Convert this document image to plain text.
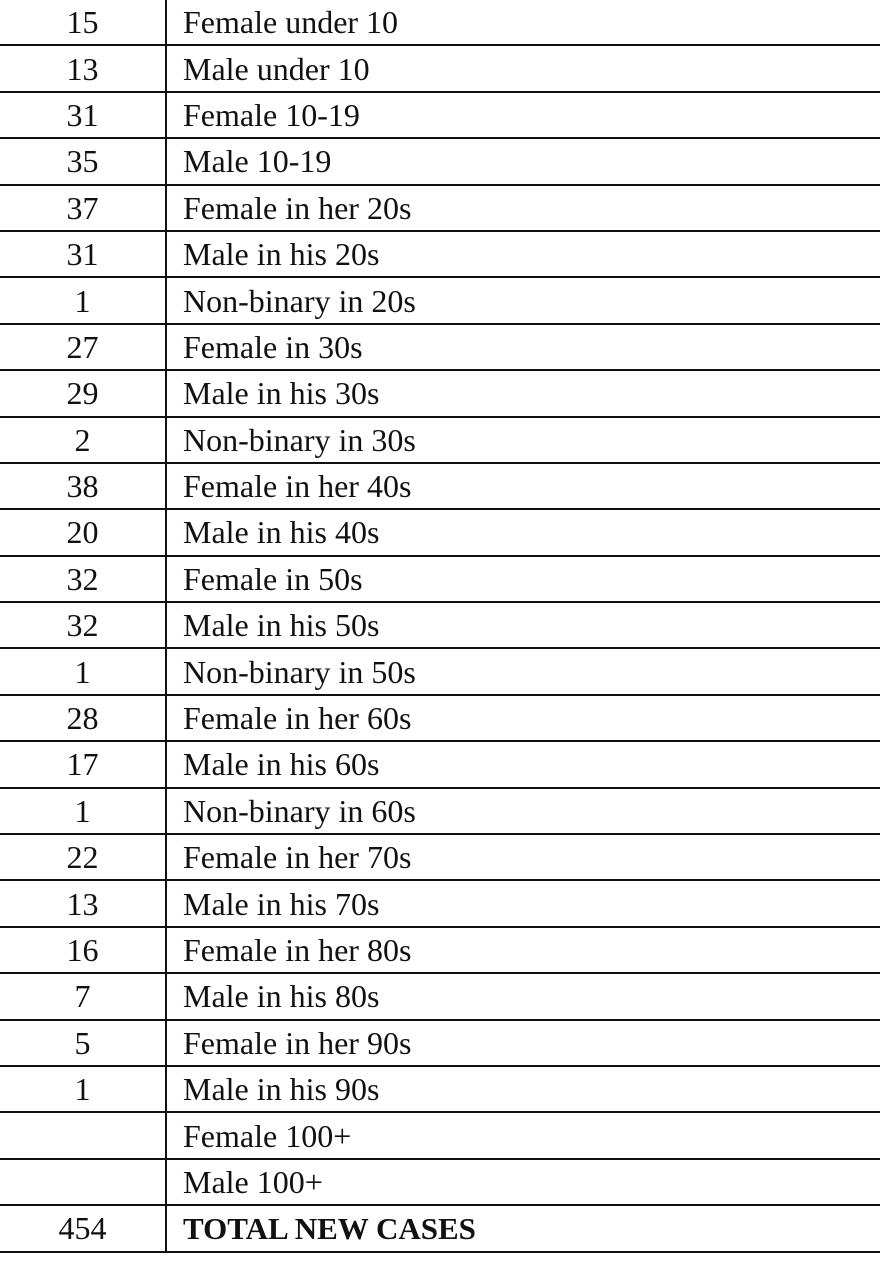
15	Female under 10
13	Male under 10
31	Female 10-19
35	Male 10-19
37	Female in her 20s
31	Male in his 20s
1	Non-binary in 20s
27	Female in 30s
29	Male in his 30s
2	Non-binary in 30s
38	Female in her 40s
20	Male in his 40s
32	Female in 50s
32	Male in his 50s
1	Non-binary in 50s
28	Female in her 60s
17	Male in his 60s
1	Non-binary in 60s
22	Female in her 70s
13	Male in his 70s
16	Female in her 80s
7	Male in his 80s
5	Female in her 90s
1	Male in his 90s
	Female 100+
	Male 100+
454	TOTAL NEW CASES
